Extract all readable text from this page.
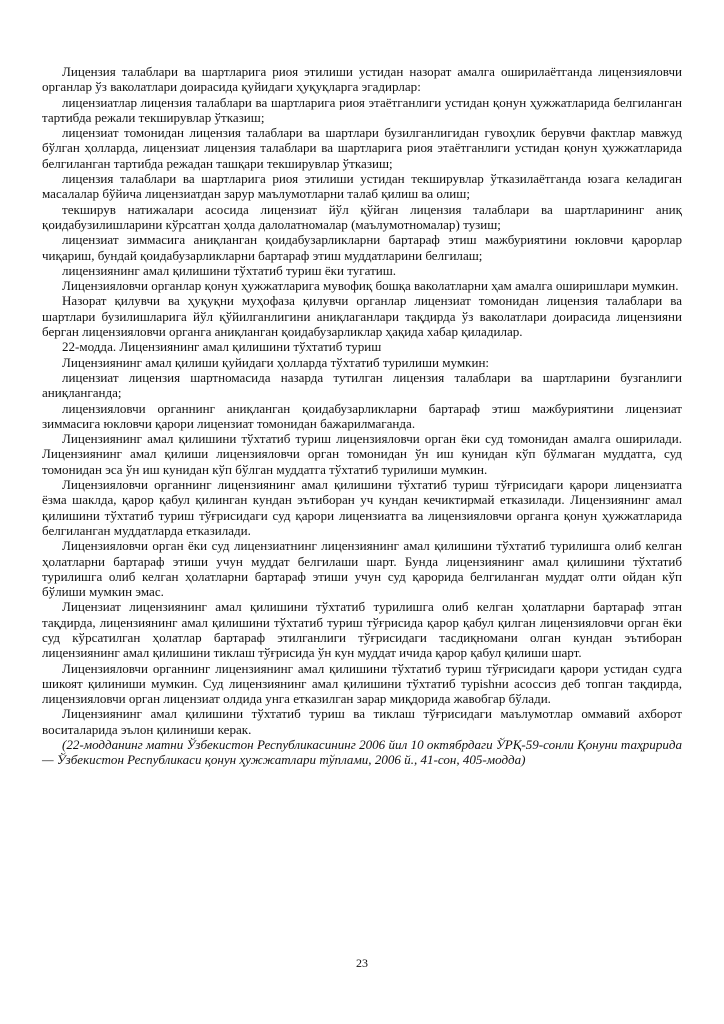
Лицензия талаблари ва шартларига риоя этилиши устидан назорат амалга оширилаётганда лицензияловчи органлар ўз ваколатлари доирасида қуйидаги ҳуқуқларга эгадирлар:

лицензиатлар лицензия талаблари ва шартларига риоя этаётганлиги устидан қонун ҳужжатларида белгиланган тартибда режали текширувлар ўтказиш;

лицензиат томонидан лицензия талаблари ва шартлари бузилганлигидан гувоҳлик берувчи фактлар мавжуд бўлган ҳолларда, лицензиат лицензия талаблари ва шартларига риоя этаётганлиги устидан қонун ҳужжатларида белгиланган тартибда режадан ташқари текширувлар ўтказиш;

лицензия талаблари ва шартларига риоя этилиши устидан текширувлар ўтказилаётганда юзага келадиган масалалар бўйича лицензиатдан зарур маълумотларни талаб қилиш ва олиш;

текширув натижалари асосида лицензиат йўл қўйган лицензия талаблари ва шартларининг аниқ қоидабузилишларини кўрсатган ҳолда далолатномалар (маълумотномалар) тузиш;

лицензиат зиммасига аниқланган қоидабузарликларни бартараф этиш мажбуриятини юкловчи қарорлар чиқариш, бундай қоидабузарликларни бартараф этиш муддатларини белгилаш;

лицензиянинг амал қилишини тўхтатиб туриш ёки тугатиш.

Лицензияловчи органлар қонун ҳужжатларига мувофиқ бошқа ваколатларни ҳам амалга оширишлари мумкин.

Назорат қилувчи ва ҳуқуқни муҳофаза қилувчи органлар лицензиат томонидан лицензия талаблари ва шартлари бузилишларига йўл қўйилганлигини аниқлаганлари тақдирда ўз ваколатлари доирасида лицензияни берган лицензияловчи органга аниқланган қоидабузарликлар ҳақида хабар қиладилар.

22-модда. Лицензиянинг амал қилишини тўхтатиб туриш

Лицензиянинг амал қилиши қуйидаги ҳолларда тўхтатиб турилиши мумкин:

лицензиат лицензия шартномасида назарда тутилган лицензия талаблари ва шартларини бузганлиги аниқланганда;

лицензияловчи органнинг аниқланган қоидабузарликларни бартараф этиш мажбуриятини лицензиат зиммасига юкловчи қарори лицензиат томонидан бажарилмаганда.

Лицензиянинг амал қилишини тўхтатиб туриш лицензияловчи орган ёки суд томонидан амалга оширилади. Лицензиянинг амал қилиши лицензияловчи орган томонидан ўн иш кунидан кўп бўлмаган муддатга, суд томонидан эса ўн иш кунидан кўп бўлган муддатга тўхтатиб турилиши мумкин.

Лицензияловчи органнинг лицензиянинг амал қилишини тўхтатиб туриш тўғрисидаги қарори лицензиатга ёзма шаклда, қарор қабул қилинган кундан эътиборан уч кундан кечиктирмай етказилади. Лицензиянинг амал қилишини тўхтатиб туриш тўғрисидаги суд қарори лицензиатга ва лицензияловчи органга қонун ҳужжатларида белгиланган муддатларда етказилади.

Лицензияловчи орган ёки суд лицензиатнинг лицензиянинг амал қилишини тўхтатиб турилишга олиб келган ҳолатларни бартараф этиши учун муддат белгилаши шарт. Бунда лицензиянинг амал қилишини тўхтатиб турилишга олиб келган ҳолатларни бартараф этиши учун суд қарорида белгиланган муддат олти ойдан кўп бўлиши мумкин эмас.

Лицензиат лицензиянинг амал қилишини тўхтатиб турилишга олиб келган ҳолатларни бартараф этган тақдирда, лицензиянинг амал қилишини тўхтатиб туриш тўғрисида қарор қабул қилган лицензияловчи орган ёки суд кўрсатилган ҳолатлар бартараф этилганлиги тўғрисидаги тасдиқномани олган кундан эътиборан лицензиянинг амал қилишини тиклаш тўғрисида ўн кун муддат ичида қарор қабул қилиши шарт.

Лицензияловчи органнинг лицензиянинг амал қилишини тўхтатиб туриш тўғрисидаги қарори устидан судга шикоят қилиниши мумкин. Суд лицензиянинг амал қилишини тўхтатиб турishни асоссиз деб топган тақдирда, лицензияловчи орган лицензиат олдида унга етказилган зарар миқдорида жавобгар бўлади.

Лицензиянинг амал қилишини тўхтатиб туриш ва тиклаш тўғрисидаги маълумотлар оммавий ахборот воситаларида эълон қилиниши керак.

(22-модданинг матни Ўзбекистон Республикасининг 2006 йил 10 октябрдаги ЎРҚ-59-сонли Қонуни таҳририда — Ўзбекистон Республикаси қонун ҳужжатлари тўплами, 2006 й., 41-сон, 405-модда)

23
